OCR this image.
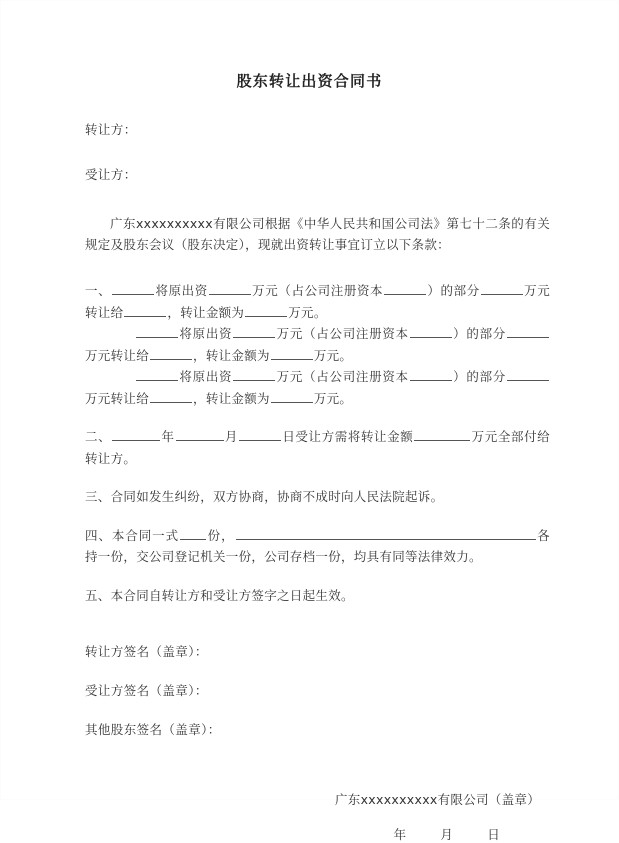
股东转让出资合同书

转让方：

受让方：

广东xxxxxxxxxx有限公司根据《中华人民共和国公司法》第七十二条的有关规定及股东会议（股东决定），现就出资转让事宜订立以下条款：

一、	将原出资	万元（占公司注册资本	）的部分	万元转让给	，转让金额为	万元。

将原出资	万元（占公司注册资本	）的部分万元转让给	，转让金额为	万元。

将原出资	万元（占公司注册资本	）的部分万元转让给	，转让金额为	万元。

二、	年	月	日受让方需将转让金额	万元全部付给转让方。

三、合同如发生纠纷，双方协商，协商不成时向人民法院起诉。

四、本合同一式 份，	各持一份，交公司登记机关一份，公司存档一份，均具有同等法律效力。

五、本合同自转让方和受让方签字之日起生效。

转让方签名（盖章）：

受让方签名（盖章）：

其他股东签名（盖章）：

广东xxxxxxxxxx有限公司（盖章）

年	月	日
